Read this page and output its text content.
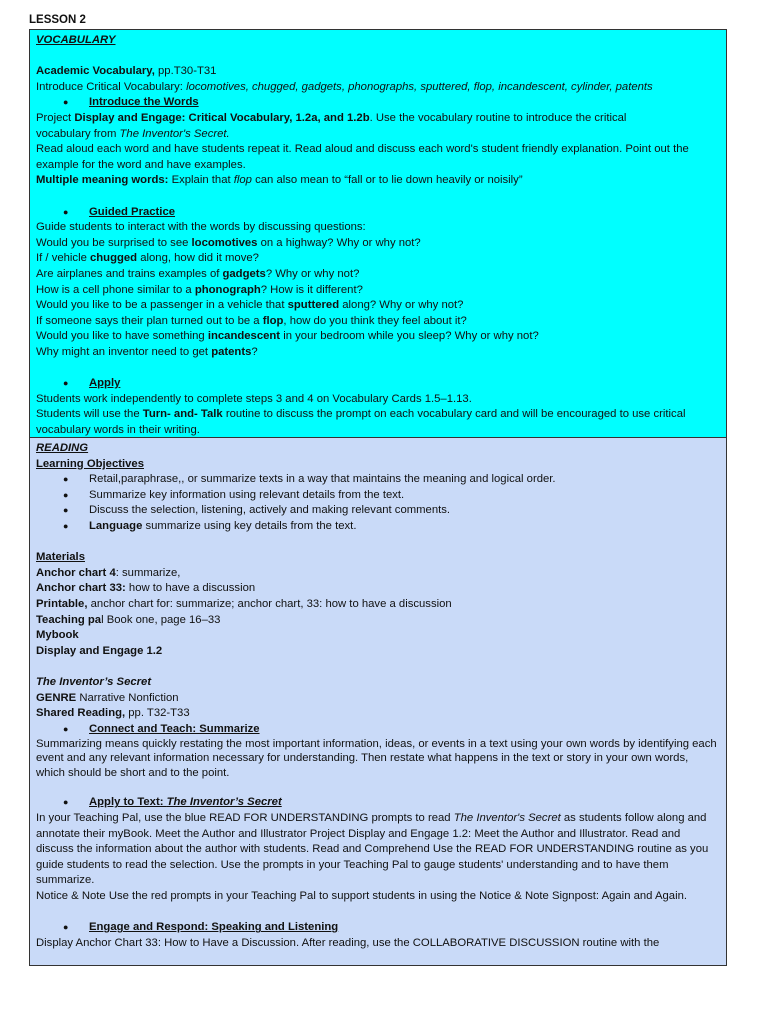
LESSON 2

VOCABULARY

Academic Vocabulary, pp.T30-T31

Introduce Critical Vocabulary: locomotives, chugged, gadgets, phonographs, sputtered, flop, incandescent, cylinder, patents

● Introduce the Words

Project Display and Engage: Critical Vocabulary, 1.2a, and 1.2b. Use the vocabulary routine to introduce the critical
vocabulary from The Inventor's Secret.

Read aloud each word and have students repeat it. Read aloud and discuss each word's student friendly explanation. Point out the example for the word and have examples.

Multiple meaning words: Explain that flop can also mean to “fall or to lie down heavily or noisily”

● Guided Practice

Guide students to interact with the words by discussing questions:

Would you be surprised to see locomotives on a highway? Why or why not?

If / vehicle chugged along, how did it move?

Are airplanes and trains examples of gadgets? Why or why not?

How is a cell phone similar to a phonograph? How is it different?

Would you like to be a passenger in a vehicle that sputtered along? Why or why not?

If someone says their plan turned out to be a flop, how do you think they feel about it?

Would you like to have something incandescent in your bedroom while you sleep? Why or why not?

Why might an inventor need to get patents?

● Apply

Students work independently to complete steps 3 and 4 on Vocabulary Cards 1.5–1.13.

Students will use the Turn- and- Talk routine to discuss the prompt on each vocabulary card and will be encouraged to use critical vocabulary words in their writing.

READING

Learning Objectives

● Retail,paraphrase,, or summarize texts in a way that maintains the meaning and logical order.

● Summarize key information using relevant details from the text.

● Discuss the selection, listening, actively and making relevant comments.

● Language summarize using key details from the text.

Materials

Anchor chart 4: summarize,

Anchor chart 33: how to have a discussion

Printable, anchor chart for: summarize; anchor chart, 33: how to have a discussion

Teaching pal Book one, page 16–33

Mybook

Display and Engage 1.2

The Inventor’s Secret

GENRE Narrative Nonfiction

Shared Reading, pp. T32-T33

● Connect and Teach: Summarize

Summarizing means quickly restating the most important information, ideas, or events in a text using your own words by identifying each event and any relevant information necessary for understanding. Then restate what happens in the text or story in your own words, which should be short and to the point.

● Apply to Text: The Inventor’s Secret

In your Teaching Pal, use the blue READ FOR UNDERSTANDING prompts to read The Inventor's Secret as students follow along and annotate their myBook. Meet the Author and Illustrator Project Display and Engage 1.2: Meet the Author and Illustrator. Read and discuss the information about the author with students. Read and Comprehend Use the READ FOR UNDERSTANDING routine as you guide students to read the selection. Use the prompts in your Teaching Pal to gauge students' understanding and to have them summarize.

Notice & Note Use the red prompts in your Teaching Pal to support students in using the Notice & Note Signpost: Again and Again.

● Engage and Respond: Speaking and Listening

Display Anchor Chart 33: How to Have a Discussion. After reading, use the COLLABORATIVE DISCUSSION routine with the
